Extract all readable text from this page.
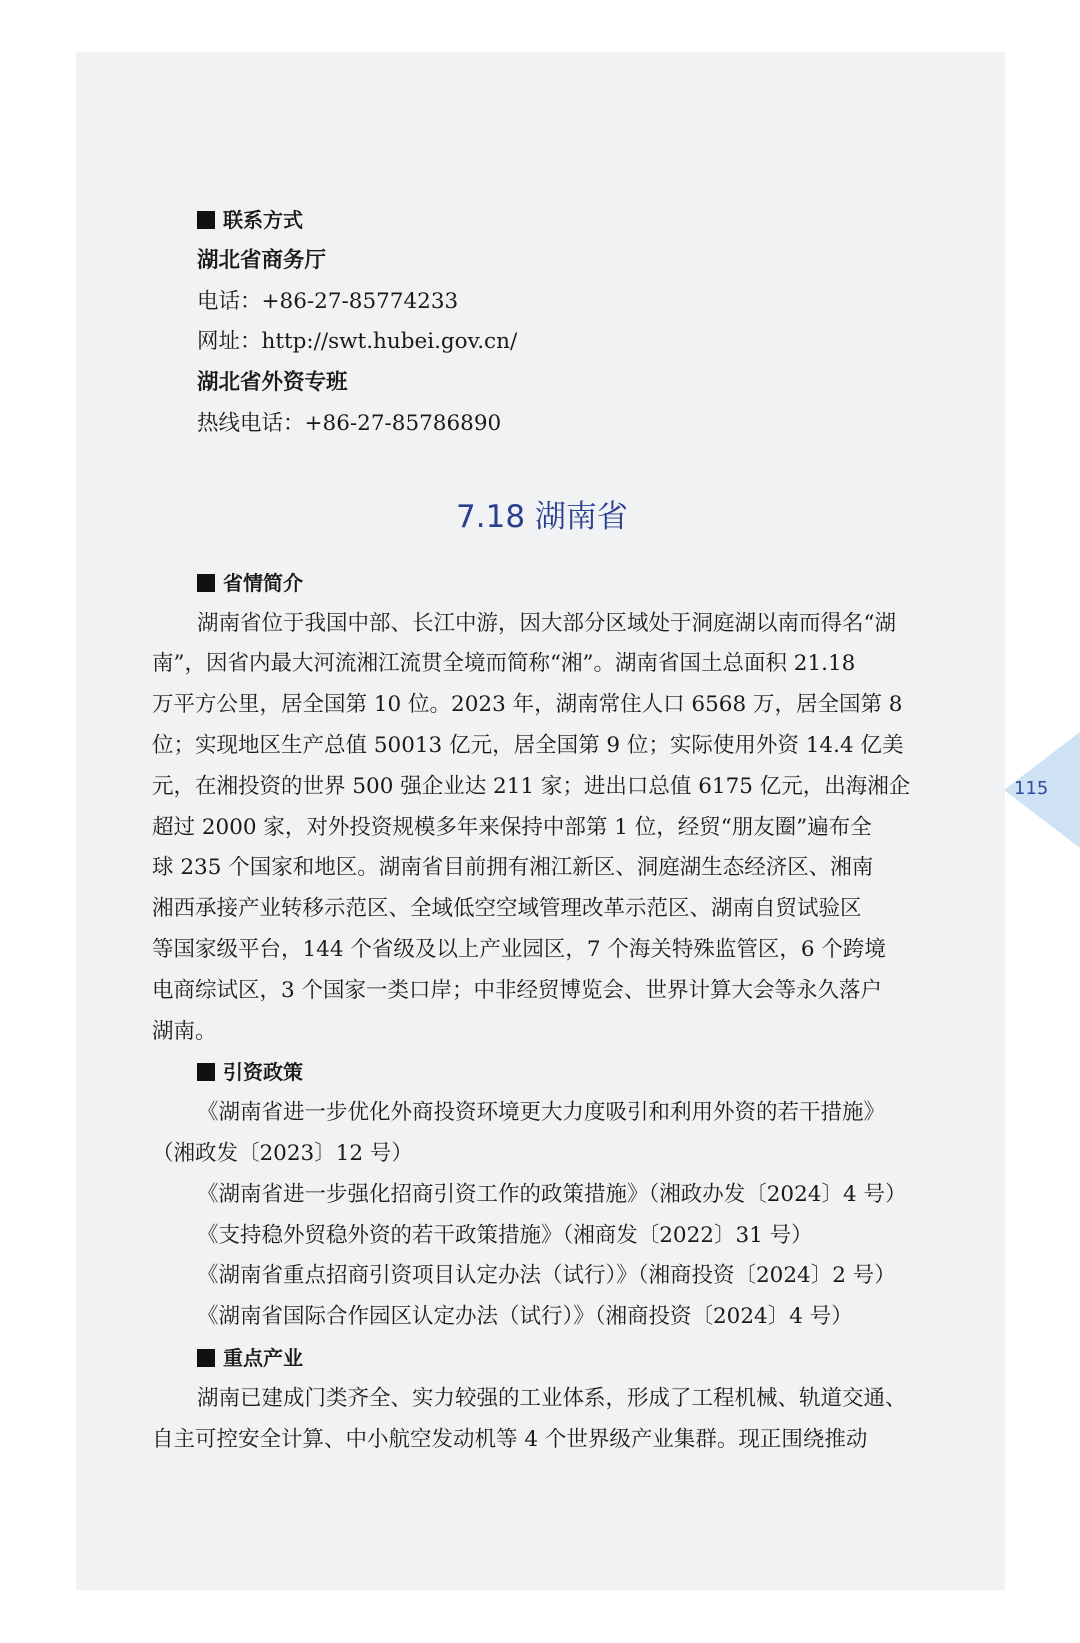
115
联系方式
湖北省商务厅
电话：+86-27-85774233
网址：http://swt.hubei.gov.cn/
湖北省外资专班
热线电话：+86-27-85786890
7.18 湖南省
省情简介
湖南省位于我国中部、长江中游，因大部分区域处于洞庭湖以南而得名“湖
南”，因省内最大河流湘江流贯全境而简称“湘”。湖南省国土总面积 21.18
万平方公里，居全国第 10 位。2023 年，湖南常住人口 6568 万，居全国第 8
位；实现地区生产总值 50013 亿元，居全国第 9 位；实际使用外资 14.4 亿美
元，在湘投资的世界 500 强企业达 211 家；进出口总值 6175 亿元，出海湘企
超过 2000 家，对外投资规模多年来保持中部第 1 位，经贸“朋友圈”遍布全
球 235 个国家和地区。湖南省目前拥有湘江新区、洞庭湖生态经济区、湘南
湘西承接产业转移示范区、全域低空空域管理改革示范区、湖南自贸试验区
等国家级平台，144 个省级及以上产业园区，7 个海关特殊监管区，6 个跨境
电商综试区，3 个国家一类口岸；中非经贸博览会、世界计算大会等永久落户
湖南。
引资政策
《湖南省进一步优化外商投资环境更大力度吸引和利用外资的若干措施》
（湘政发〔2023〕12 号）
《湖南省进一步强化招商引资工作的政策措施》（湘政办发〔2024〕4 号）
《支持稳外贸稳外资的若干政策措施》（湘商发〔2022〕31 号）
《湖南省重点招商引资项目认定办法（试行）》（湘商投资〔2024〕2 号）
《湖南省国际合作园区认定办法（试行）》（湘商投资〔2024〕4 号）
重点产业
湖南已建成门类齐全、实力较强的工业体系，形成了工程机械、轨道交通、
自主可控安全计算、中小航空发动机等 4 个世界级产业集群。现正围绕推动
